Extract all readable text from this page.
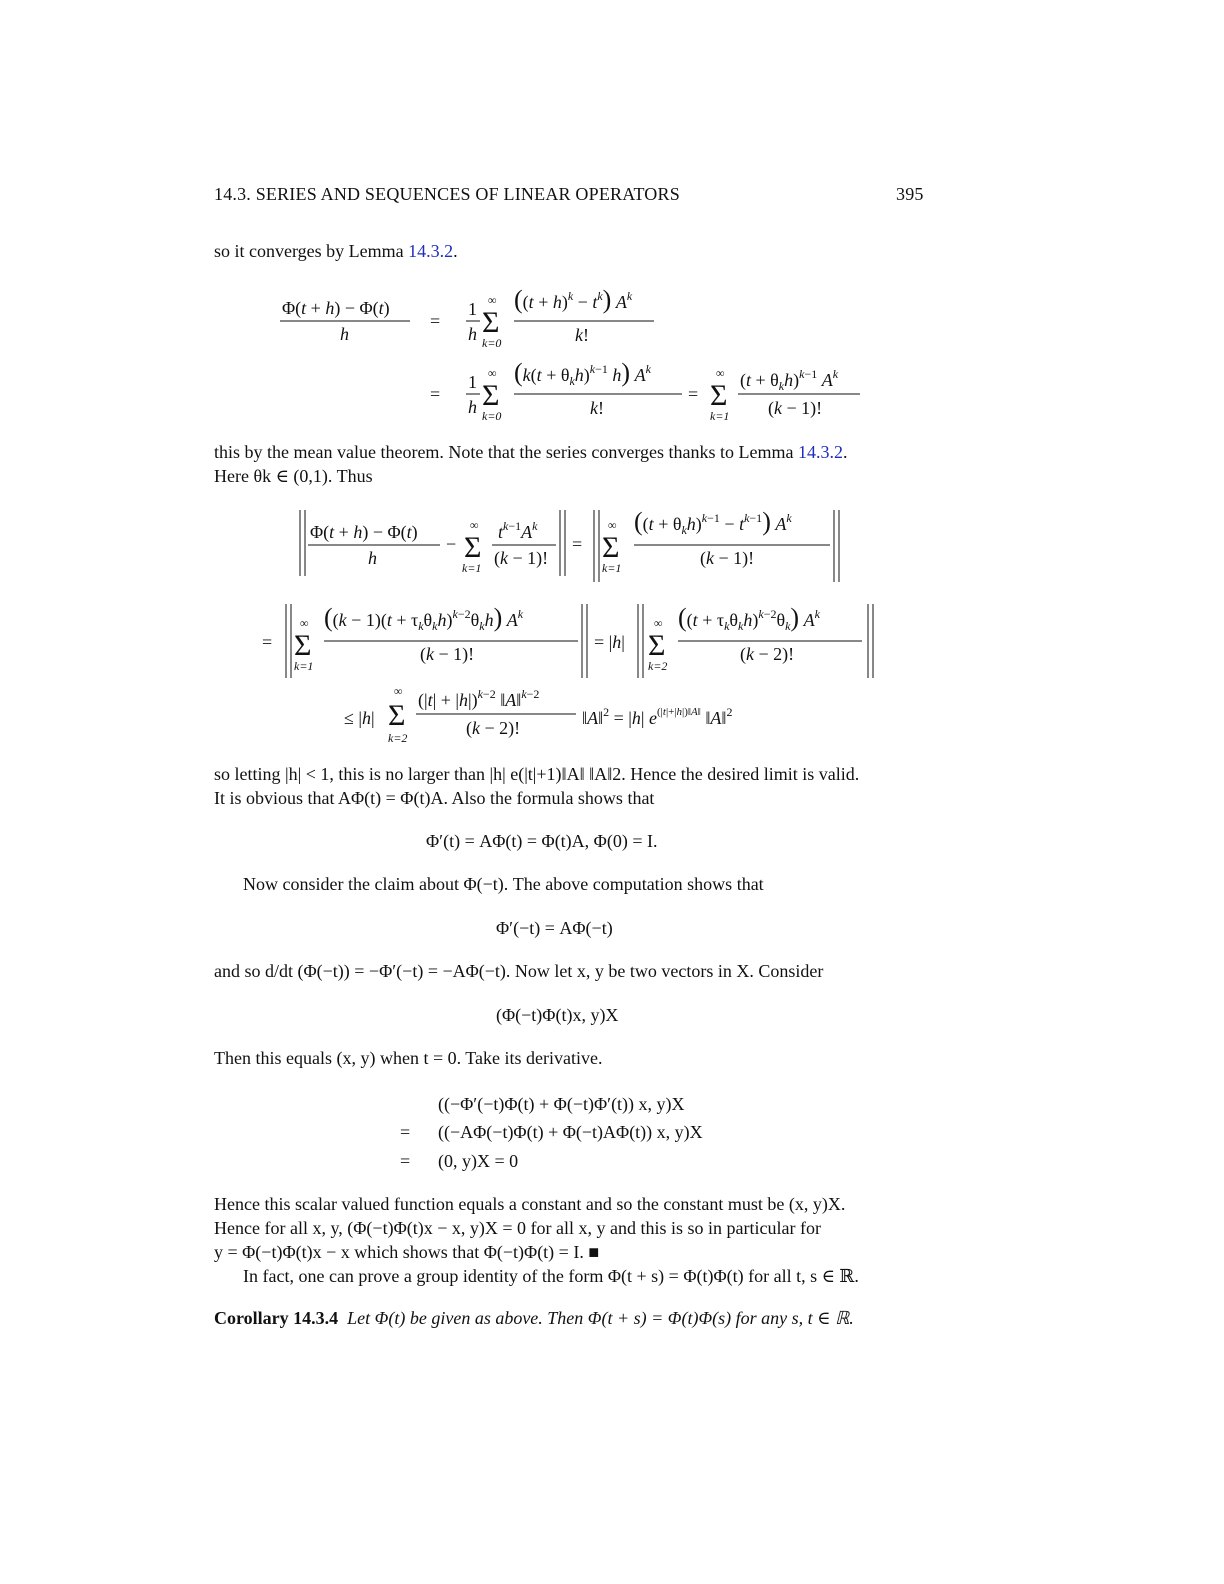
14.3. SERIES AND SEQUENCES OF LINEAR OPERATORS	395
so it converges by Lemma 14.3.2.
Φ(t + h) − Φ(t)
h
=
1
h
∞
Σ
k=0
$((t + h)^k - t^k)$ $A^k$
k!
=
1
h
∞
Σ
k=0
($k(t + \theta_kh)^{k-1}$ h) $A^k$
k!
=
∞
Σ
k=1
$(t + \theta_kh)^{k-1}$ $A^k$
(k − 1)!
this by the mean value theorem. Note that the series converges thanks to Lemma 14.3.2.
Here θk ∈ (0,1). Thus
Φ(t + h) − Φ(t)
h
−
∞
Σ
k=1
$t^{k-1}A^k$
(k − 1)!
=
∞
Σ
k=1
$((t + \theta_kh)^{k-1} - t^{k-1})$ $A^k$
(k − 1)!
=
∞
Σ
k=1
$((k - 1)(t + \tau_k\theta_kh)^{k-2}\theta_kh)$ $A^k$
(k − 1)!
= |h|
∞
Σ
k=2
$((t + \tau_k\theta_kh)^{k-2}\theta_k)$ $A^k$
(k − 2)!
≤ |h|
∞
Σ
k=2
$(|t| + |h|)^{k-2}$ ‖A‖$^{k-2}$
(k − 2)!	‖A‖$^2$ = |h| $e^{(|t|+|h|)‖A‖}$ ‖A‖$^2$
so letting |h| < 1, this is no larger than |h| e(|t|+1)‖A‖ ‖A‖2. Hence the desired limit is valid.
It is obvious that AΦ(t) = Φ(t)A. Also the formula shows that
Φ′(t) = AΦ(t) = Φ(t)A, Φ(0) = I.
Now consider the claim about Φ(−t). The above computation shows that
Φ′(−t) = AΦ(−t)
and so d/dt (Φ(−t)) = −Φ′(−t) = −AΦ(−t). Now let x, y be two vectors in X. Consider
(Φ(−t)Φ(t)x, y)X
Then this equals (x, y) when t = 0. Take its derivative.
((−Φ′(−t)Φ(t) + Φ(−t)Φ′(t)) x, y)X
= ((−AΦ(−t)Φ(t) + Φ(−t)AΦ(t)) x, y)X
= (0, y)X = 0
Hence this scalar valued function equals a constant and so the constant must be (x, y)X.
Hence for all x, y, (Φ(−t)Φ(t)x − x, y)X = 0 for all x, y and this is so in particular for
y = Φ(−t)Φ(t)x − x which shows that Φ(−t)Φ(t) = I. ■
In fact, one can prove a group identity of the form Φ(t + s) = Φ(t)Φ(t) for all t, s ∈ ℝ.
Corollary 14.3.4 Let Φ(t) be given as above. Then Φ(t + s) = Φ(t)Φ(s) for any s, t ∈ ℝ.
